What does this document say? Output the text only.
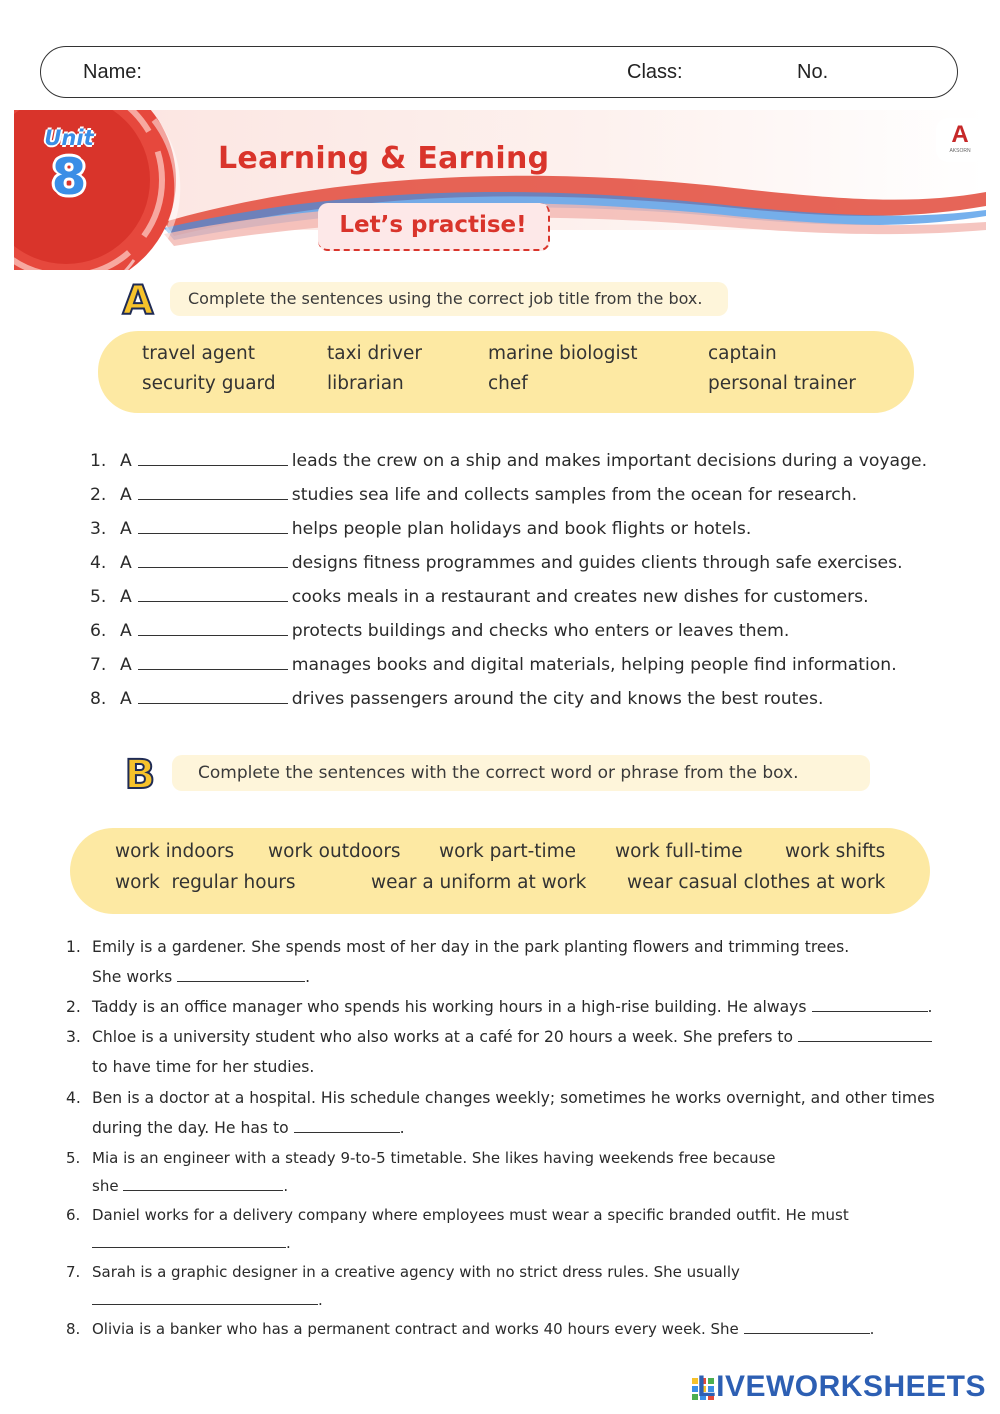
Name:	Class:	No.
Unit
8	Learning & Earning
Let’s practise!
A
AKSORN
A	Complete the sentences using the correct job title from the box.
travel agent	taxi driver	marine biologist	captain
security guard	librarian	chef	personal trainer
1. A	leads the crew on a ship and makes important decisions during a voyage.
2. A	studies sea life and collects samples from the ocean for research.
3. A	helps people plan holidays and book flights or hotels.
4. A	designs fitness programmes and guides clients through safe exercises.
5. A	cooks meals in a restaurant and creates new dishes for customers.
6. A	protects buildings and checks who enters or leaves them.
7. A	manages books and digital materials, helping people find information.
8. A	drives passengers around the city and knows the best routes.
B	Complete the sentences with the correct word or phrase from the box.
work indoors work outdoors work part-time work full-time work shifts
work  regular hours	wear a uniform at work wear casual clothes at work
1. Emily is a gardener. She spends most of her day in the park planting flowers and trimming trees.
She works	.
2. Taddy is an office manager who spends his working hours in a high-rise building. He always	.
3. Chloe is a university student who also works at a café for 20 hours a week. She prefers to
to have time for her studies.
4. Ben is a doctor at a hospital. His schedule changes weekly; sometimes he works overnight, and other times
during the day. He has to	.
5. Mia is an engineer with a steady 9-to-5 timetable. She likes having weekends free because
she	.
6. Daniel works for a delivery company where employees must wear a specific branded outfit. He must
.
7. Sarah is a graphic designer in a creative agency with no strict dress rules. She usually
.
8. Olivia is a banker who has a permanent contract and works 40 hours every week. She	.
LIVEWORKSHEETS
